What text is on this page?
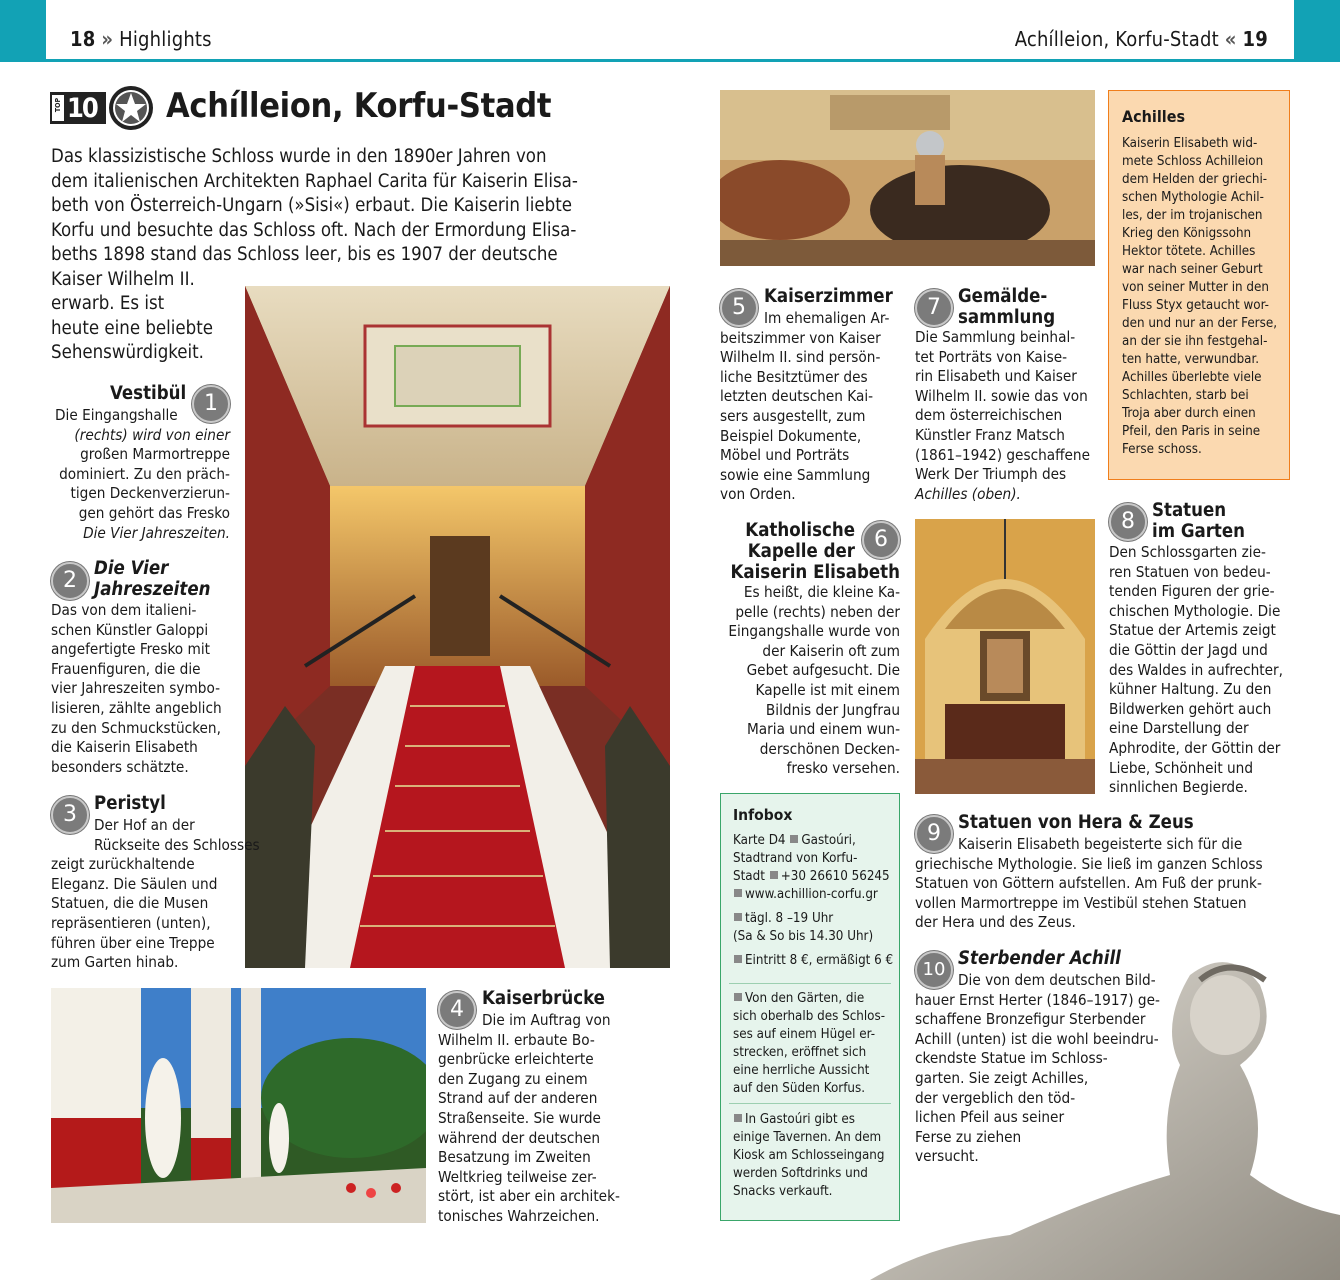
18 » Highlights	Achílleion, Korfu-Stadt « 19
TOP 10 Achílleion, Korfu-Stadt
Das klassizistische Schloss wurde in den 1890er Jahren von
dem italienischen Architekten Raphael Carita für Kaiserin Elisa-
beth von Österreich-Ungarn (»Sisi«) erbaut. Die Kaiserin liebte
Korfu und besuchte das Schloss oft. Nach der Ermordung Elisa-
beths 1898 stand das Schloss leer, bis es 1907 der deutsche
Kaiser Wilhelm II.
erwarb. Es ist
heute eine beliebte
Sehenswürdigkeit.
Vestibül 1
Die Eingangshalle
(rechts) wird von einer
großen Marmortreppe
dominiert. Zu den präch-
tigen Deckenverzierun-
gen gehört das Fresko
Die Vier Jahreszeiten.
2 Die Vier
Jahreszeiten
Das von dem italieni-
schen Künstler Galoppi
angefertigte Fresko mit
Frauenfiguren, die die
vier Jahreszeiten symbo-
lisieren, zählte angeblich
zu den Schmuckstücken,
die Kaiserin Elisabeth
besonders schätzte.
3 Peristyl
Der Hof an der
Rückseite des Schlosses
zeigt zurückhaltende
Eleganz. Die Säulen und
Statuen, die die Musen
repräsentieren (unten),
führen über eine Treppe
zum Garten hinab.
4 Kaiserbrücke
Die im Auftrag von
Wilhelm II. erbaute Bo-
genbrücke erleichterte
den Zugang zu einem
Strand auf der anderen
Straßenseite. Sie wurde
während der deutschen
Besatzung im Zweiten
Weltkrieg teilweise zer-
stört, ist aber ein architek-
tonisches Wahrzeichen.
5 Kaiserzimmer
Im ehemaligen Ar-
beitszimmer von Kaiser
Wilhelm II. sind persön-
liche Besitztümer des
letzten deutschen Kai-
sers ausgestellt, zum
Beispiel Dokumente,
Möbel und Porträts
sowie eine Sammlung
von Orden.
7 Gemälde-
sammlung
Die Sammlung beinhal-
tet Porträts von Kaise-
rin Elisabeth und Kaiser
Wilhelm II. sowie das von
dem österreichischen
Künstler Franz Matsch
(1861–1942) geschaffene
Werk Der Triumph des
Achilles (oben).
Katholische
Kapelle der
Kaiserin Elisabeth
6
Es heißt, die kleine Ka-
pelle (rechts) neben der
Eingangshalle wurde von
der Kaiserin oft zum
Gebet aufgesucht. Die
Kapelle ist mit einem
Bildnis der Jungfrau
Maria und einem wun-
derschönen Decken-
fresko versehen.
Achilles
Kaiserin Elisabeth wid-
mete Schloss Achilleion
dem Helden der griechi-
schen Mythologie Achil-
les, der im trojanischen
Krieg den Königssohn
Hektor tötete. Achilles
war nach seiner Geburt
von seiner Mutter in den
Fluss Styx getaucht wor-
den und nur an der Ferse,
an der sie ihn festgehal-
ten hatte, verwundbar.
Achilles überlebte viele
Schlachten, starb bei
Troja aber durch einen
Pfeil, den Paris in seine
Ferse schoss.
8 Statuen
im Garten
Den Schlossgarten zie-
ren Statuen von bedeu-
tenden Figuren der grie-
chischen Mythologie. Die
Statue der Artemis zeigt
die Göttin der Jagd und
des Waldes in aufrechter,
kühner Haltung. Zu den
Bildwerken gehört auch
eine Darstellung der
Aphrodite, der Göttin der
Liebe, Schönheit und
sinnlichen Begierde.
Infobox
Karte D4 Gastoúri,
Stadtrand von Korfu-
Stadt +30 26610 56245
www.achillion-corfu.gr
tägl. 8 –19 Uhr
(Sa & So bis 14.30 Uhr)
Eintritt 8 €, ermäßigt 6 €
Von den Gärten, die
sich oberhalb des Schlos-
ses auf einem Hügel er-
strecken, eröffnet sich
eine herrliche Aussicht
auf den Süden Korfus.
In Gastoúri gibt es
einige Tavernen. An dem
Kiosk am Schlosseingang
werden Softdrinks und
Snacks verkauft.
9 Statuen von Hera & Zeus
Kaiserin Elisabeth begeisterte sich für die
griechische Mythologie. Sie ließ im ganzen Schloss
Statuen von Göttern aufstellen. Am Fuß der prunk-
vollen Marmortreppe im Vestibül stehen Statuen
der Hera und des Zeus.
10
Sterbender Achill
Die von dem deutschen Bild-
hauer Ernst Herter (1846–1917) ge-
schaffene Bronzefigur Sterbender
Achill (unten) ist die wohl beeindru-
ckendste Statue im Schloss-
garten. Sie zeigt Achilles,
der vergeblich den töd-
lichen Pfeil aus seiner
Ferse zu ziehen
versucht.
